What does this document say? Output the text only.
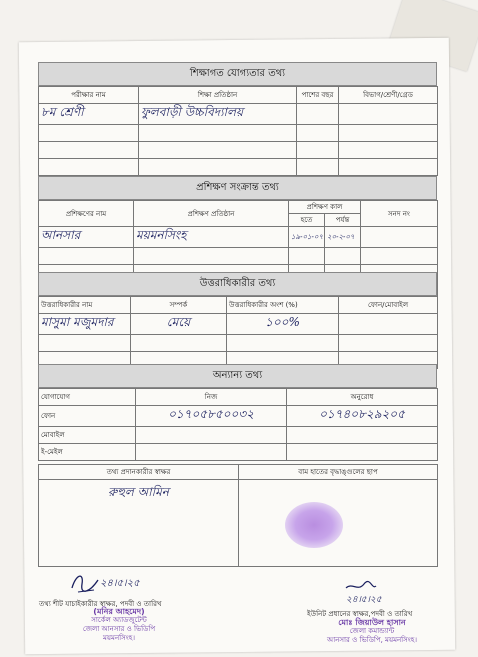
শিক্ষাগত যোগ্যতার তথ্য
পরীক্ষার নাম	শিক্ষা প্রতিষ্ঠান	পাশের বছর	বিভাগ/শ্রেণী/গ্রেড
৮ম শ্রেণী	ফুলবাড়ী উচ্চবিদ্যালয়		

প্রশিক্ষণ সংক্রান্ত তথ্য
প্রশিক্ষণের নাম	প্রশিক্ষণ প্রতিষ্ঠান	প্রশিক্ষণ কাল		সনদ নং
		হতে	পর্যন্ত	
আনসার	ময়মনসিংহ	১৯-০১-০৭	২০-২-০৭	

উত্তরাধিকারীর তথ্য
উত্তরাধিকারীর নাম	সম্পর্ক	উত্তরাধিকারীর অংশ (%)	ফোন/মোবাইল
মাসুমা মজুমদার	মেয়ে	১০০%	

অন্যান্য তথ্য
যোগাযোগ	নিজ	অনুরোধ
ফোন	০১৭০৫৮৫০০৩২	০১৭৪০৮২৯২০৫
মোবাইল		
ই-মেইল		
তথ্য প্রদানকারীর স্বাক্ষর	বাম হাতের বৃদ্ধাঙ্গুলের ছাপ
রুহুল আমিন	
২৪।৫।২৫
তথ্য শীট যাচাইকারীর স্বাক্ষর, পদবী ও তারিখ
(মনির আহমেদ)
সার্কেল অ্যাডজুটেন্ট
জেলা আনসার ও ভিডিপি
ময়মনসিংহ।
২৪।৫।২৫
ইউনিট প্রধানের স্বাক্ষর,পদবী ও তারিখ
মোঃ জিয়াউল হাসান
জেলা কমান্ড্যান্ট
আনসার ও ভিডিপি, ময়মনসিংহ।
